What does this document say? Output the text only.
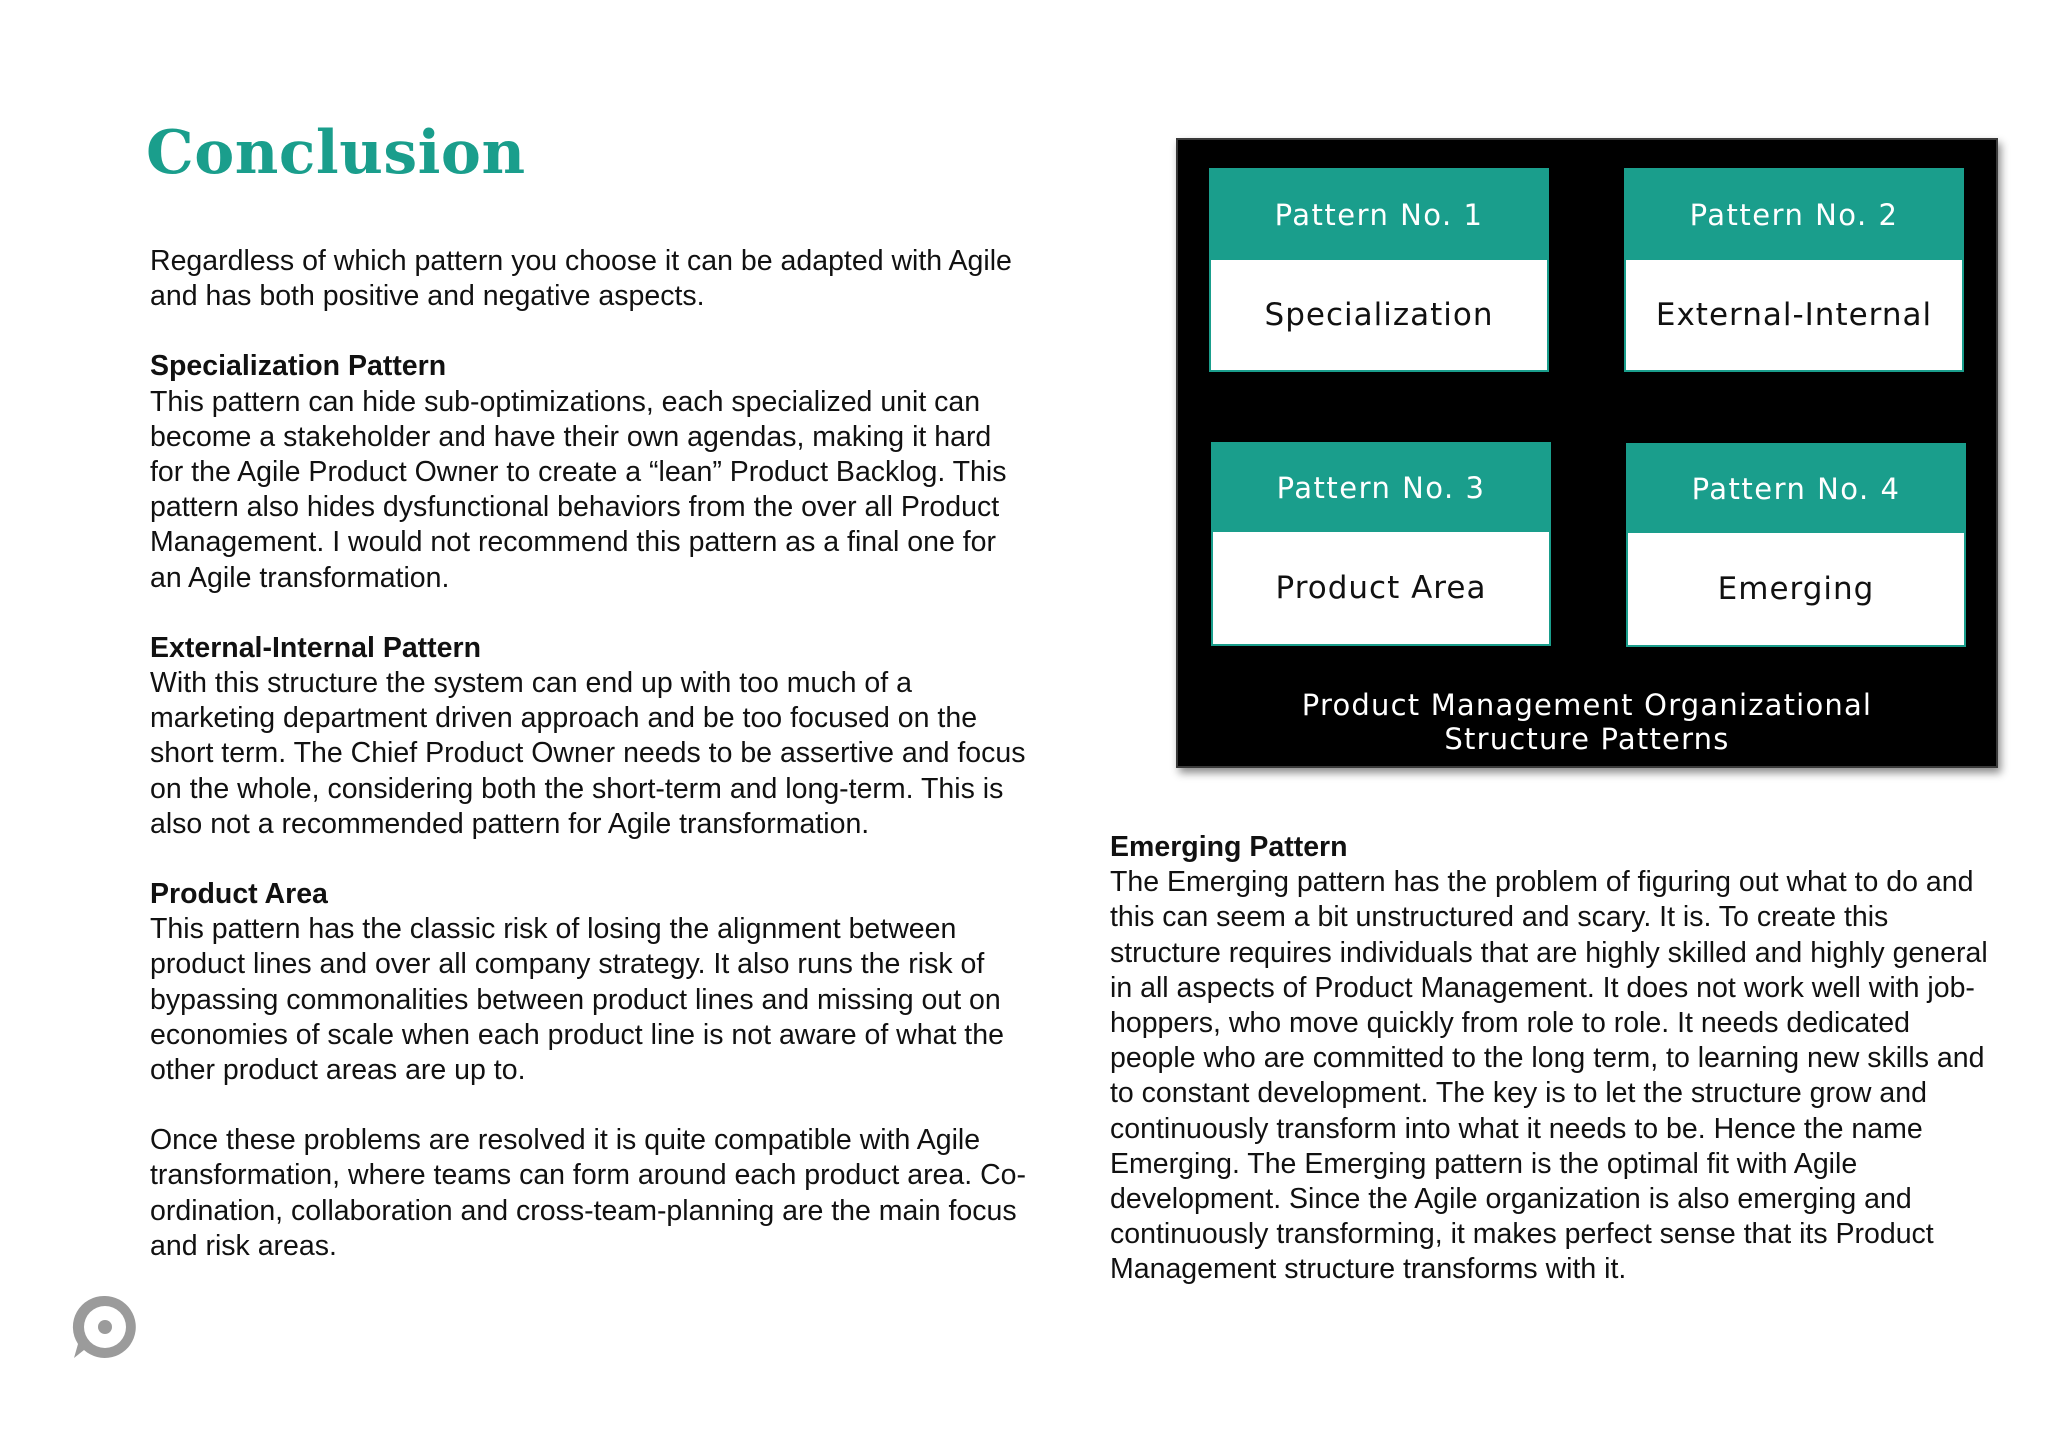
Conclusion

Regardless of which pattern you choose it can be adapted with Agile
and has both positive and negative aspects.

Specialization Pattern
This pattern can hide sub-optimizations, each specialized unit can
become a stakeholder and have their own agendas, making it hard
for the Agile Product Owner to create a “lean” Product Backlog. This
pattern also hides dysfunctional behaviors from the over all Product
Management. I would not recommend this pattern as a final one for
an Agile transformation.

External-Internal Pattern
With this structure the system can end up with too much of a
marketing department driven approach and be too focused on the
short term. The Chief Product Owner needs to be assertive and focus
on the whole, considering both the short-term and long-term. This is
also not a recommended pattern for Agile transformation.

Product Area
This pattern has the classic risk of losing the alignment between
product lines and over all company strategy. It also runs the risk of
bypassing commonalities between product lines and missing out on
economies of scale when each product line is not aware of what the
other product areas are up to.

Once these problems are resolved it is quite compatible with Agile
transformation, where teams can form around each product area. Co-
ordination, collaboration and cross-team-planning are the main focus
and risk areas.

Pattern No. 1
Specialization
Pattern No. 2
External-Internal
Pattern No. 3
Product Area
Pattern No. 4
Emerging
Product Management Organizational
Structure Patterns

Emerging Pattern
The Emerging pattern has the problem of figuring out what to do and
this can seem a bit unstructured and scary. It is. To create this
structure requires individuals that are highly skilled and highly general
in all aspects of Product Management. It does not work well with job-
hoppers, who move quickly from role to role. It needs dedicated
people who are committed to the long term, to learning new skills and
to constant development. The key is to let the structure grow and
continuously transform into what it needs to be. Hence the name
Emerging. The Emerging pattern is the optimal fit with Agile
development. Since the Agile organization is also emerging and
continuously transforming, it makes perfect sense that its Product
Management structure transforms with it.
